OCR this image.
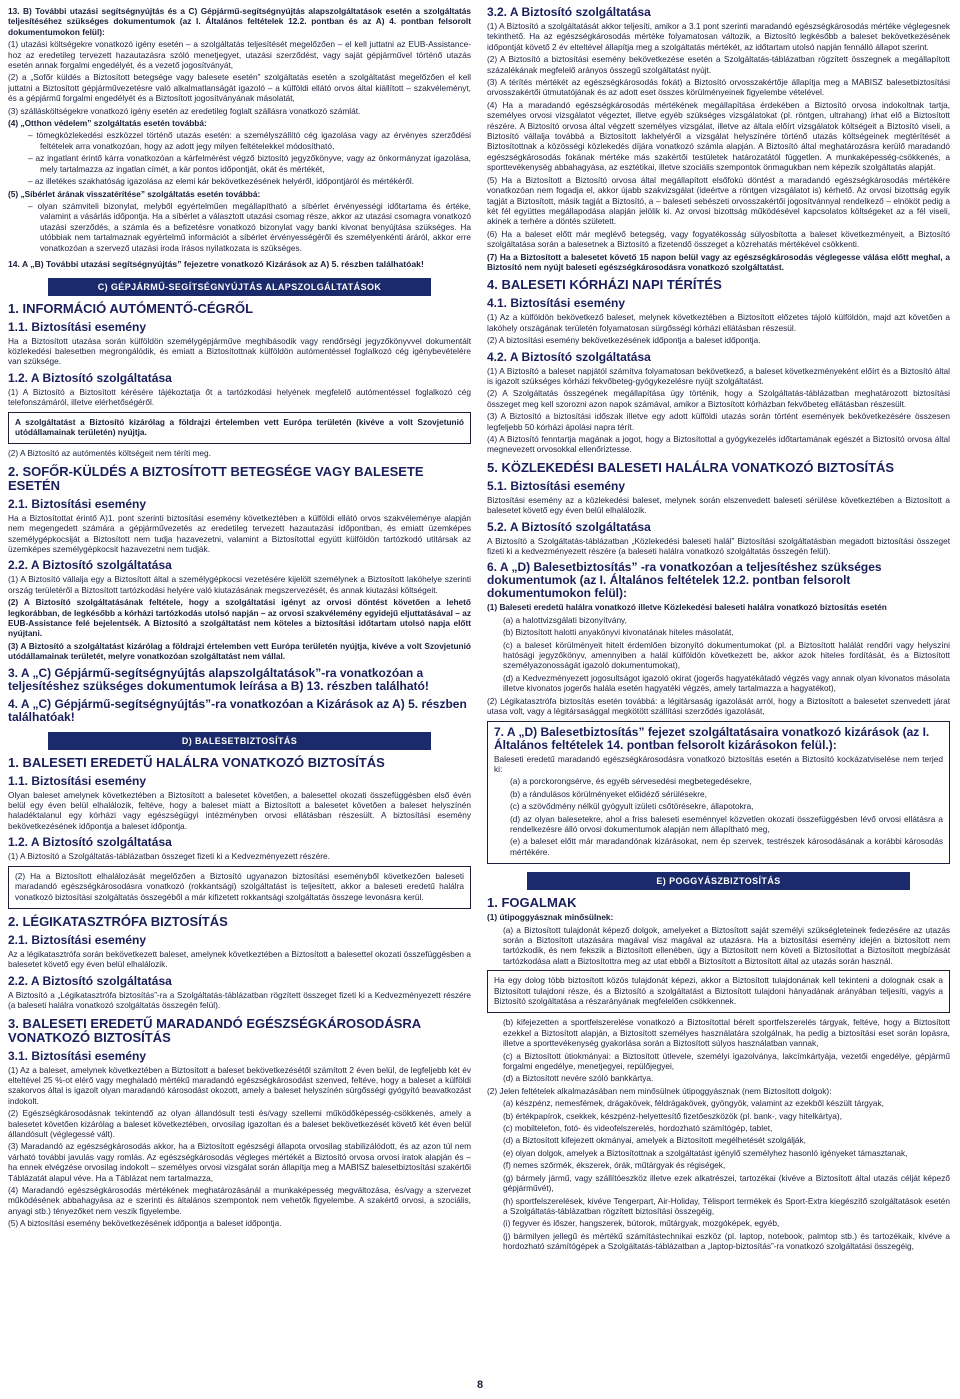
13. B) További utazási segítségnyújtás és a C) Gépjármű-segítségnyújtás alapszolgáltatások esetén a szolgáltatás teljesítéséhez szükséges dokumentumok (az I. Általános feltételek 12.2. pontban és az A) 4. pontban felsorolt dokumentumokon felül):

(1) utazási költségekre vonatkozó igény esetén – a szolgáltatás teljesítését megelőzően – el kell juttatni az EUB-Assistance-hoz az eredetileg tervezett hazautazásra szóló menetjegyet, utazási szerződést, vagy saját gépjárművel történő utazás esetén annak forgalmi engedélyét, és a vezető jogosítványát,

(2) a „Sofőr küldés a Biztosított betegsége vagy balesete esetén” szolgáltatás esetén a szolgáltatást megelőzően el kell juttatni a Biztosított gépjárművezetésre való alkalmatlanságát igazoló – a külföldi ellátó orvos által kiállított – szakvéleményt, és a gépjármű forgalmi engedélyét és a Biztosított jogosítványának másolatát,

(3) szállásköltségekre vonatkozó igény esetén az eredetileg foglalt szállásra vonatkozó számlát.

(4) „Otthon védelem” szolgáltatás esetén továbbá:

– tömegközlekedési eszközzel történő utazás esetén: a személyszállító cég igazolása vagy az érvényes szerződési feltételek arra vonatkozóan, hogy az adott jegy milyen feltételekkel módosítható,

– az ingatlant érintő kárra vonatkozóan a kárfelmérést végző biztosító jegyzőkönyve, vagy az önkormányzat igazolása, mely tartalmazza az ingatlan címét, a kár pontos időpontját, okát és mértékét,

– az illetékes szakhatóság igazolása az elemi kár bekövetkezésének helyéről, időpontjáról és mértékéről.

(5) „Síbérlet árának visszatérítése” szolgáltatás esetén továbbá:

– olyan számviteli bizonylat, melyből egyértelműen megállapítható a síbérlet érvényességi időtartama és értéke, valamint a vásárlás időpontja. Ha a síbérlet a választott utazási csomag része, akkor az utazási csomagra vonatkozó utazási szerződés, a számla és a befizetésre vonatkozó bizonylat vagy banki kivonat benyújtása szükséges. Ha utóbbiak nem tartalmaznak egyértelmű információt a síbérlet érvényességéről és személyenkénti áráról, akkor erre vonatkozóan a szervező utazási iroda írásos nyilatkozata is szükséges.

14. A „B) További utazási segítségnyújtás” fejezetre vonatkozó Kizárások az A) 5. részben találhatóak!

C) GÉPJÁRMŰ-SEGÍTSÉGNYÚJTÁS ALAPSZOLGÁLTATÁSOK
1. INFORMÁCIÓ AUTÓMENTŐ-CÉGRŐL
1.1. Biztosítási esemény

Ha a Biztosított utazása során külföldön személygépjárműve meghibásodik vagy rendőrségi jegyzőkönyvvel dokumentált közlekedési balesetben megrongálódik, és emiatt a Biztosítottnak külföldön autómentéssel foglalkozó cég igénybevételére van szüksége.

1.2. A Biztosító szolgáltatása

(1) A Biztosító a Biztosított kérésére tájékoztatja őt a tartózkodási helyének megfelelő autómentéssel foglalkozó cég telefonszámáról, illetve elérhetőségéről.

A szolgáltatást a Biztosító kizárólag a földrajzi értelemben vett Európa területén (kivéve a volt Szovjetunió utódállamainak területén) nyújtja.

(2) A Biztosító az autómentés költségeit nem téríti meg.

2. SOFŐR-KÜLDÉS A BIZTOSÍTOTT BETEGSÉGE VAGY BALESETE ESETÉN
2.1. Biztosítási esemény

Ha a Biztosítottat érintő A)1. pont szerinti biztosítási esemény következtében a külföldi ellátó orvos szakvéleménye alapján nem megengedett számára a gépjárművezetés az eredetileg tervezett hazautazási időpontban, és emiatt üzemképes személygépkocsiját a Biztosított nem tudja hazavezetni, valamint a Biztosítottal együtt külföldön tartózkodó utitársak az üzemképes személygépkocsit hazavezetni nem tudják.

2.2. A Biztosító szolgáltatása

(1) A Biztosító vállalja egy a Biztosított által a személygépkocsi vezetésére kijelölt személynek a Biztosított lakóhelye szerinti ország területéről a Biztosított tartózkodási helyére való kiutazásának megszervezését, és annak kiutazási költségeit.

(2) A Biztosító szolgáltatásának feltétele, hogy a szolgáltatási igényt az orvosi döntést követően a lehető legkorábban, de legkésőbb a kórházi tartózkodás utolsó napján – az orvosi szakvélemény egyidejű eljuttatásával – az EUB-Assistance felé bejelentsék. A Biztosító a szolgáltatást nem köteles a biztosítási időtartam utolsó napja előtt nyújtani.

(3) A Biztosító a szolgáltatást kizárólag a földrajzi értelemben vett Európa területén nyújtja, kivéve a volt Szovjetunió utódállamainak területét, melyre vonatkozóan szolgáltatást nem vállal.

3. A „C) Gépjármű-segítségnyújtás alapszolgáltatások”-ra vonatkozóan a teljesítéshez szükséges dokumentumok leírása a B) 13. részben található!
4. A „C) Gépjármű-segítségnyújtás”-ra vonatkozóan a Kizárások az A) 5. részben találhatóak!
D) BALESETBIZTOSÍTÁS
1. BALESETI EREDETŰ HALÁLRA VONATKOZÓ BIZTOSÍTÁS
1.1. Biztosítási esemény

Olyan baleset amelynek következtében a Biztosított a balesetet követően, a balesettel okozati összefüggésben első évén belül egy éven belül elhalálozik, feltéve, hogy a baleset miatt a Biztosított a balesetet követően a baleset helyszínén haladéktalanul egy kórházi vagy egészségügyi intézményben orvosi ellátásban részesült. A biztosítási esemény bekövetkezésének időpontja a baleset időpontja.

1.2. A Biztosító szolgáltatása

(1) A Biztosító a Szolgáltatás-táblázatban összeget fizeti ki a Kedvezményezett részére.

(2) Ha a Biztosított elhalálozását megelőzően a Biztosító ugyanazon biztosítási eseményből következően baleseti maradandó egészségkárosodásra vonatkozó (rokkantsági) szolgáltatást is teljesített, akkor a baleseti eredetű halálra vonatkozó biztosítási szolgáltatás összegéből a már kifizetett rokkantsági szolgáltatás összege levonásra kerül.

2. LÉGIKATASZTRÓFA BIZTOSÍTÁS
2.1. Biztosítási esemény

Az a légikatasztrófa során bekövetkezett baleset, amelynek következtében a Biztosított a balesettel okozati összefüggésben a balesetet követő egy éven belül elhalálozik.

2.2. A Biztosító szolgáltatása

A Biztosító a „Légikatasztrófa biztosítás”-ra a Szolgáltatás-táblázatban rögzített összeget fizeti ki a Kedvezményezett részére (a baleseti halálra vonatkozó szolgáltatás összegén felül).

3. BALESETI EREDETŰ MARADANDÓ EGÉSZSÉGKÁROSODÁSRA VONATKOZÓ BIZTOSÍTÁS
3.1. Biztosítási esemény

(1) Az a baleset, amelynek következtében a Biztosított a baleset bekövetkezésétől számított 2 éven belül, de legfeljebb két év elteltével 25 %-ot elérő vagy meghaladó mértékű maradandó egészségkárosodást szenved, feltéve, hogy a baleset a külföldi szakorvos által is igazolt olyan maradandó károsodást okozott, amely a baleset helyszínén sürgősségi gyógyító beavatkozást indokolt.

(2) Egészségkárosodásnak tekintendő az olyan állandósult testi és/vagy szellemi működőképesség-csökkenés, amely a balesetet követően kizárólag a baleset következtében, orvosilag igazoltan és a baleset bekövetkezését követő két éven belül állandósult (véglegessé vált).

(3) Maradandó az egészségkárosodás akkor, ha a Biztosított egészségi állapota orvosilag stabilizálódott, és az azon túl nem várható további javulás vagy romlás. Az egészségkárosodás végleges mértékét a Biztosító orvosa orvosi iratok alapján és – ha ennek elvégzése orvosilag indokolt – személyes orvosi vizsgálat során állapítja meg a MABISZ balesetbiztosítási szakértői Táblázatát alapul véve. Ha a Táblázat nem tartalmazza,

(4) Maradandó egészségkárosodás mértékének meghatározásánál a munkaképesség megváltozása, és/vagy a szervezet működésének abbahagyása az e szerinti és általános szempontok nem vehetők figyelembe. A szakértő orvosi, a szociális, anyagi stb.) tényezőket nem veszik figyelembe.

(5) A biztosítási esemény bekövetkezésének időpontja a baleset időpontja.

3.2. A Biztosító szolgáltatása

(1) A Biztosító a szolgáltatását akkor teljesíti, amikor a 3.1 pont szerinti maradandó egészségkárosodás mértéke véglegesnek tekinthető. Ha az egészségkárosodás mértéke folyamatosan változik, a Biztosító legkésőbb a baleset bekövetkezésének időpontját követő 2 év elteltével állapítja meg a szolgáltatás mértékét, az időtartam utolsó napján fennálló állapot szerint.

(2) A Biztosító a biztosítási esemény bekövetkezése esetén a Szolgáltatás-táblázatban rögzített összegnek a megállapított százalékának megfelelő arányos összegű szolgáltatást nyújt.

(3) A térítés mértékét az egészségkárosodás fokát) a Biztosító orvosszakértője állapítja meg a MABISZ balesetbiztosítási orvosszakértői útmutatójának és az adott eset összes körülményeinek figyelembe vételével.

(4) Ha a maradandó egészségkárosodás mértékének megállapítása érdekében a Biztosító orvosa indokoltnak tartja, személyes orvosi vizsgálatot végeztet, illetve egyéb szükséges vizsgálatokat (pl. röntgen, ultrahang) írhat elő a Biztosított részére. A Biztosító orvosa által végzett személyes vizsgálat, illetve az általa előírt vizsgálatok költségeit a Biztosító viseli, a Biztosító vállalja továbbá a Biztosított lakhelyéről a vizsgálat helyszínére történő utazás költségeinek megtérítését a Biztosítottnak a közösségi közlekedés díjára vonatkozó számla alapján. A Biztosító által meghatározásra kerülő maradandó egészségkárosodás fokának mértéke más szakértői testületek határozatától független. A munkaképesség-csökkenés, a sporttevékenység abbahagyása, az esztétikai, illetve szociális szempontok önmagukban nem képezik szolgáltatás alapját.

(5) Ha a Biztosított a Biztosító orvosa által megállapított elsőfokú döntést a maradandó egészségkárosodás mértékére vonatkozóan nem fogadja el, akkor újabb szakvizsgálat (ideértve a röntgen vizsgálatot is) kérhető. Az orvosi bizottság egyik tagját a Biztosított, másik tagját a Biztosító, a – baleseti sebészeti orvosszakértői jogosítvánnyal rendelkező – elnököt pedig a két fél együttes megállapodása alapján jelölik ki. Az orvosi bizottság működésével kapcsolatos költségeket az a fél viseli, akinek a terhére a döntés született.

(6) Ha a baleset előtt már meglévő betegség, vagy fogyatékosság súlyosbította a baleset következményeit, a Biztosító szolgáltatása során a balesetnek a Biztosító a fizetendő összeget a közrehatás mértékével csökkenti.

(7) Ha a Biztosított a balesetet követő 15 napon belül vagy az egészségkárosodás véglegesse válása előtt meghal, a Biztosító nem nyújt baleseti egészségkárosodásra vonatkozó szolgáltatást.

4. BALESETI KÓRHÁZI NAPI TÉRÍTÉS
4.1. Biztosítási esemény

(1) Az a külföldön bekövetkező baleset, melynek következtében a Biztosított előzetes tájoló külföldön, majd azt követően a lakóhely országának területén folyamatosan sürgősségi kórházi ellátásban részesül.

(2) A biztosítási esemény bekövetkezésének időpontja a baleset időpontja.

4.2. A Biztosító szolgáltatása

(1) A Biztosító a baleset napjától számítva folyamatosan bekövetkező, a baleset következményeként előírt és a Biztosító által is igazolt szükséges kórházi fekvőbeteg-gyógykezelésre nyújt szolgáltatást.

(2) A Szolgáltatás összegének megállapítása úgy történik, hogy a Szolgáltatás-táblázatban meghatározott biztosítási összeget meg kell szorozni azon napok számával, amikor a Biztosított kórházban fekvőbeteg ellátásban részesült.

(3) A Biztosító a biztosítási időszak illetve egy adott külföldi utazás során történt események bekövetkezésére összesen legfeljebb 50 kórházi ápolási napra térít.

(4) A Biztosító fenntartja magának a jogot, hogy a Biztosítottal a gyógykezelés időtartamának egészét a Biztosító orvosa által megnevezett orvosokkal ellenőriztesse.

5. KÖZLEKEDÉSI BALESETI HALÁLRA VONATKOZÓ BIZTOSÍTÁS
5.1. Biztosítási esemény

Biztosítási esemény az a közlekedési baleset, melynek során elszenvedett baleseti sérülése következtében a Biztosított a balesetet követő egy éven belül elhalálozik.

5.2. A Biztosító szolgáltatása

A Biztosító a Szolgáltatás-táblázatban „Közlekedési baleseti halál” Biztosítási szolgáltatásban megadott biztosítási összeget fizeti ki a kedvezményezett részére (a baleseti halálra vonatkozó szolgáltatás összegén felül).

6. A „D) Balesetbiztosítás” -ra vonatkozóan a teljesítéshez szükséges dokumentumok (az I. Általános feltételek 12.2. pontban felsorolt dokumentumokon felül):

(1) Baleseti eredetű halálra vonatkozó illetve Közlekedési baleseti halálra vonatkozó biztosítás esetén

(a) a halottvizsgálati bizonyítvány,

(b) Biztosított halotti anyakönyvi kivonatának hiteles másolatát,

(c) a baleset körülményeit hitelt érdemlően bizonyító dokumentumokat (pl. a Biztosított halálát rendőri vagy helyszíni hatósági jegyzőkönyv, amennyiben a halál külföldön következett be, akkor azok hiteles fordítását, és a Biztosított személyazonosságát igazoló dokumentumokat),

(d) a Kedvezményezett jogosultságot igazoló okirat (jogerős hagyatékátadó végzés vagy annak olyan kivonatos másolata illetve kivonatos jogerős halála esetén hagyatéki végzés, amely tartalmazza a hagyatékot),

(2) Légikatasztrófa biztosítás esetén továbbá: a légitársaság igazolását arról, hogy a Biztosított a balesetet szenvedett járat utasa volt, vagy a légitársasággal megkötött szállítási szerződés igazolását,

7. A „D) Balesetbiztosítás” fejezet szolgáltatásaira vonatkozó kizárások (az I. Általános feltételek 14. pontban felsorolt kizárásokon felül.):

Baleseti eredetű maradandó egészségkárosodásra vonatkozó biztosítás esetén a Biztosító kockázatviselése nem terjed ki:

(a) a porckorongsérve, és egyéb sérvesedési megbetegedésekre,

(b) a rándulásos körülményeket előidéző sérülésekre,

(c) a szövődmény nélkül gyógyult izületi csőtörésekre, állapotokra,

(d) az olyan balesetekre, ahol a friss baleseti eseménnyel közvetlen okozati összefüggésben lévő orvosi ellátásra a rendelkezésre álló orvosi dokumentumok alapján nem állapítható meg,

(e) a baleset előtt már maradandónak kizárásokat, nem ép szervek, testrészek károsodásának a korábbi károsodás mértékére.

E) POGGYÁSZBIZTOSÍTÁS
1. FOGALMAK

(1) útipoggyásznak minősülnek:

(a) a Biztosított tulajdonát képező dolgok, amelyeket a Biztosított saját személyi szükségleteinek fedezésére az utazás során a Biztosított utazására magával visz magával az utazásra. Ha a biztosítási esemény idején a biztosított nem tartózkodik, és nem fekszik a Biztosított ellenében, úgy a Biztosított nem követi a Biztosítottat a Biztosított megbízását tartózkodása alatt a Biztosítottra meg az utat ebből a Biztosított a Biztosított által az utazás során használ.

Ha egy dolog több biztosított közös tulajdonát képezi, akkor a Biztosított tulajdonának kell tekinteni a dolognak csak a Biztosított tulajdoni része, és a Biztosító a szolgáltatást a Biztosított tulajdoni hányadának arányában teljesíti, vagyis a Biztosító szolgáltatása a részarányának megfelelően csökkennek.

(b) kifejezetten a sportfelszerelése vonatkozó a Biztosítottal bérelt sportfelszerelés tárgyak, feltéve, hogy a Biztosított ezekkel a Biztosított alapján, a Biztosított személyes használatára szolgálnak, ha pedig a biztosítási eset során lopásra, illetve a sporttevékenység gyakorlása során a Biztosított súlyos használatban vannak,

(c) a Biztosított útiokmányai: a Biztosított útlevele, személyi igazolványa, lakcímkártyája, vezetői engedélye, gépjármű forgalmi engedélye, menetjegyei, repülőjegyei,

(d) a Biztosított nevére szóló bankkártya.

(2) Jelen feltételek alkalmazásában nem minősülnek útipoggyásznak (nem Biztosított dolgok):

(a) készpénz, nemesfémek, drágakövek, féldrágakövek, gyöngyök, valamint az ezekből készült tárgyak,

(b) értékpapírok, csekkek, készpénz-helyettesítő fizetőeszközök (pl. bank-, vagy hitelkártya),

(c) mobiltelefon, fotó- és videofelszerelés, hordozható számítógép, tablet,

(d) a Biztosított kifejezett okmányai, amelyek a Biztosított megélhetését szolgálják,

(e) olyan dolgok, amelyek a Biztosítottnak a szolgáltatást igénylő személyhez hasonló igényeket támasztanak,

(f) nemes szőrmék, ékszerek, órák, műtárgyak és régiségek,

(g) bármely jármű, vagy szállítóeszköz illetve ezek alkatrészei, tartozékai (kivéve a Biztosított által utazás célját képező gépjárművét),

(h) sportfelszerelések, kivéve Tengerpart, Air-Holiday, Télisport termékek és Sport-Extra kiegészítő szolgáltatások esetén a Szolgáltatás-táblázatban rögzített biztosítási összegéig,

(i) fegyver és lőszer, hangszerek, bútorok, műtárgyak, mozgóképek, egyéb,

(j) bármilyen jellegű és mértékű számítástechnikai eszköz (pl. laptop, notebook, palmtop stb.) és tartozékaik, kivéve a hordozható számítógépek a Szolgáltatás-táblázatban a „laptop-biztosítás”-ra vonatkozó szolgáltatási összegéig,

8
